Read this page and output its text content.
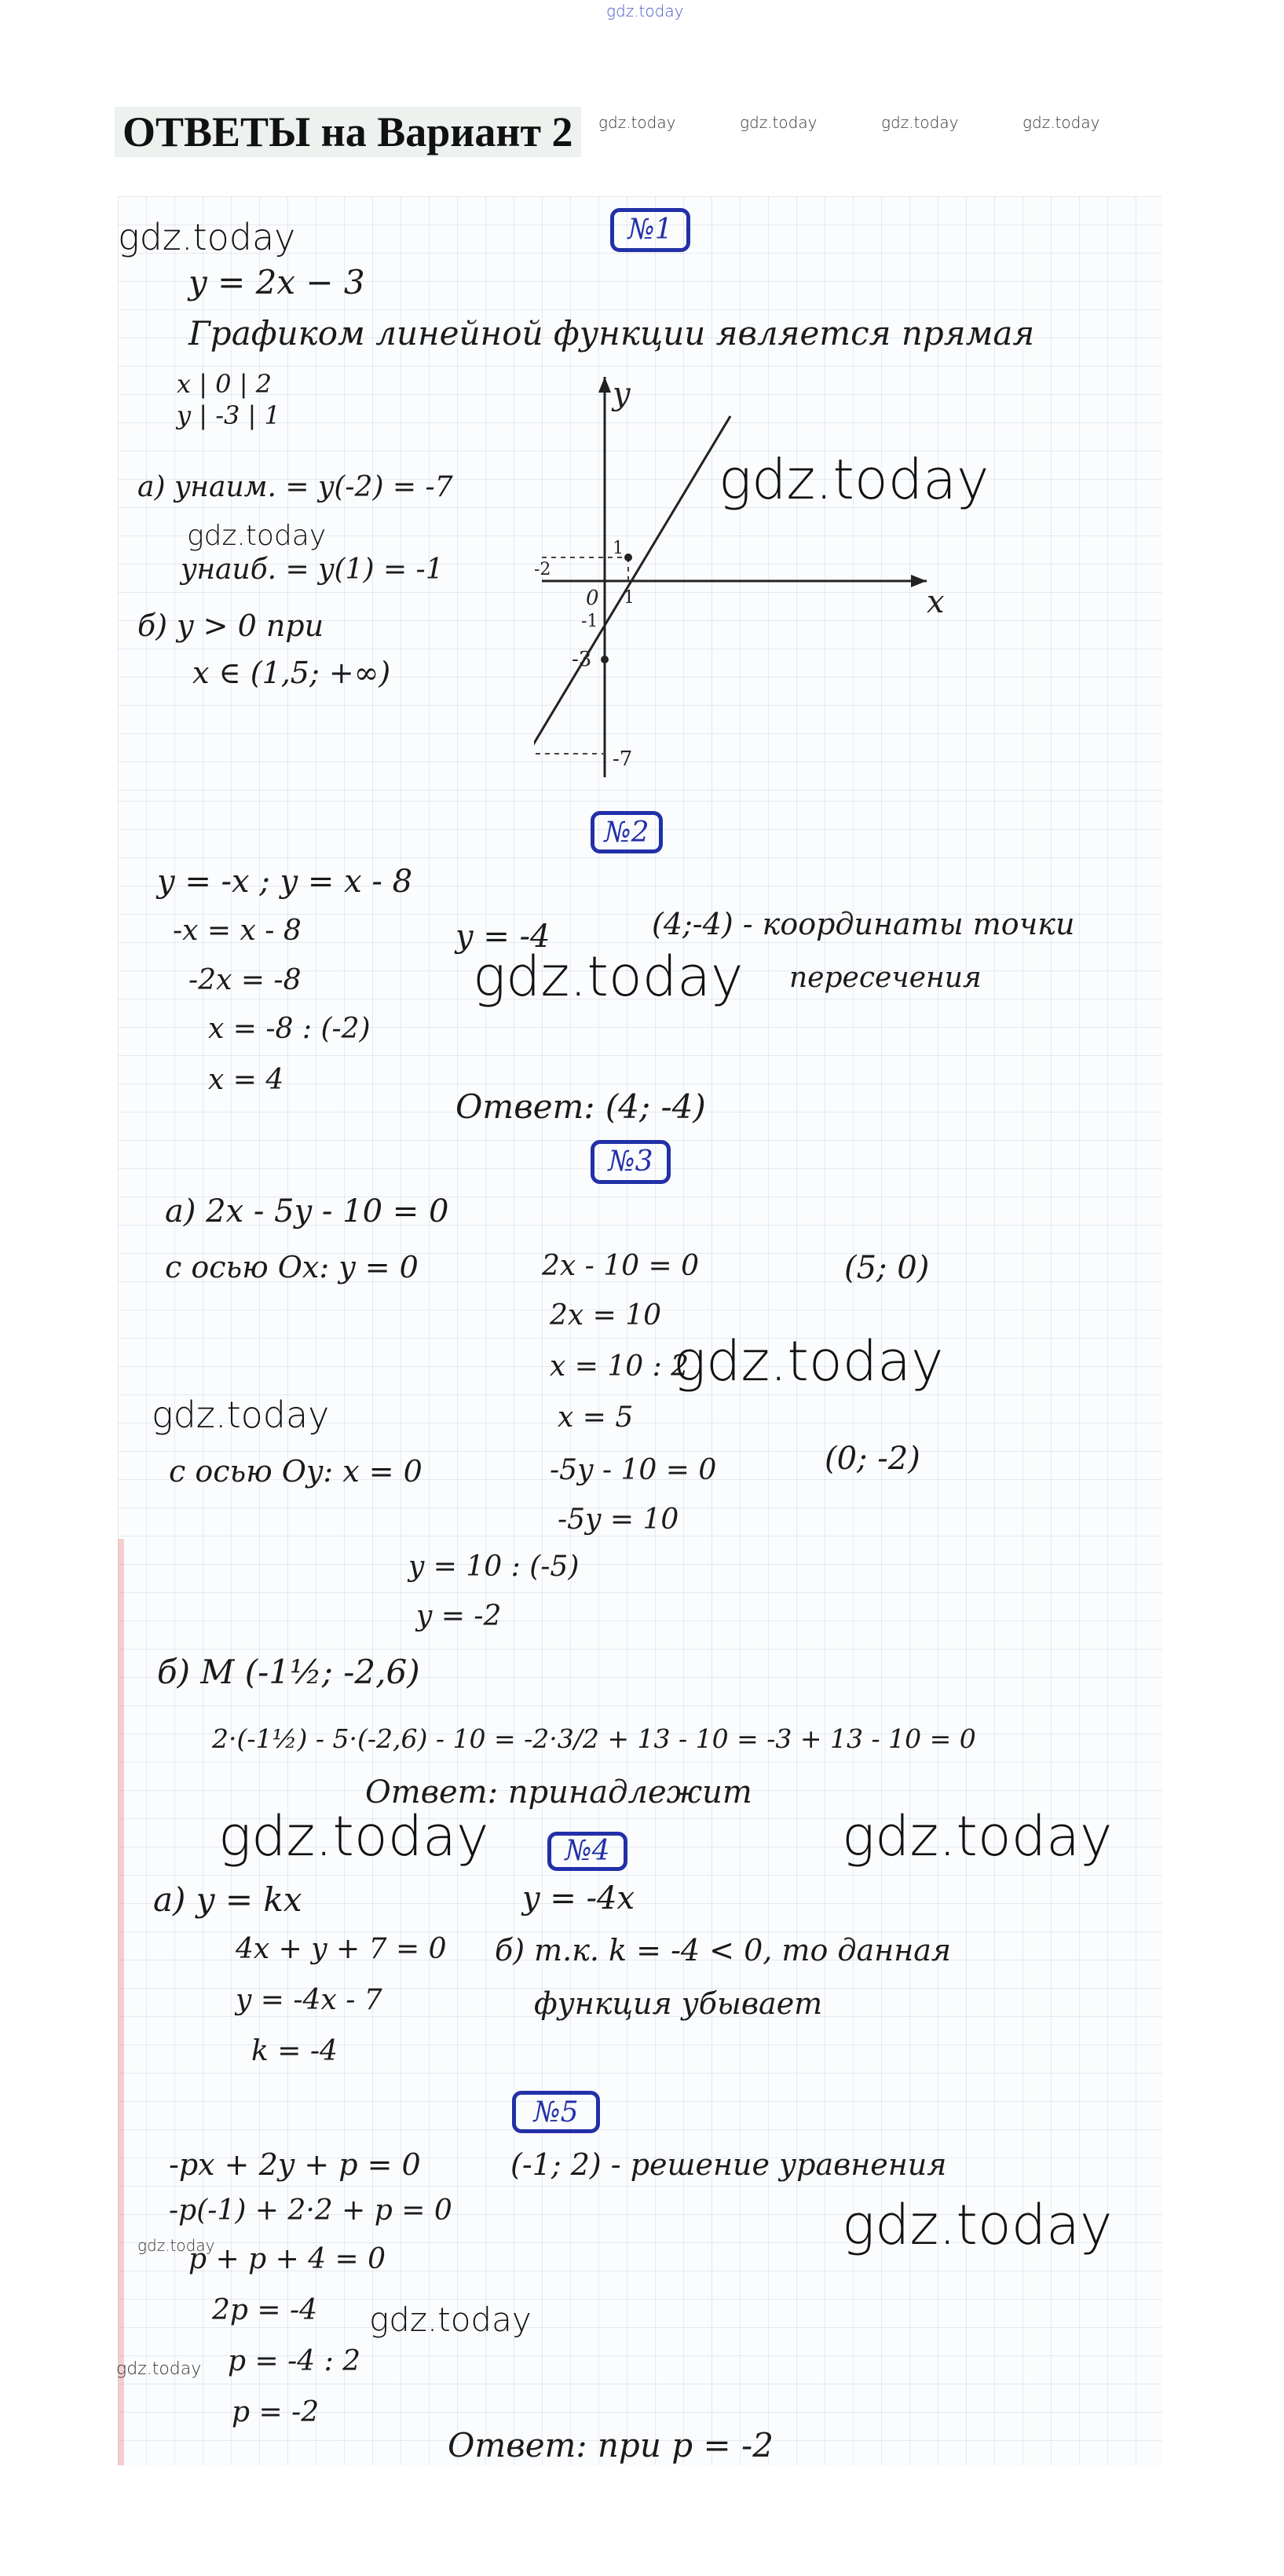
gdz.today
ОТВЕТЫ на Вариант 2	gdz.today	gdz.today	gdz.today	gdz.today
№1
y = 2x − 3
Графиком линейной функции является прямая
x | 0 | 2
y | -3 | 1
а) yнаим. = y(-2) = -7
yнаиб. = y(1) = -1
б) y > 0 при
x ∈ (1,5; +∞)
x
y
0
1
-1
1
-2
-3
-7
№2
y = -x ; y = x - 8
-x = x - 8
-2x = -8
x = -8 : (-2)
x = 4
y = -4	(4;-4) - координаты точки
пересечения
Ответ: (4; -4)
№3
а) 2x - 5y - 10 = 0
с осью Ox: y = 0	2x - 10 = 0
2x = 10
x = 10 : 2
x = 5
(5; 0)
с осью Oy: x = 0	-5y - 10 = 0
-5y = 10
y = 10 : (-5)
y = -2
(0; -2)
б) M (-1½; -2,6)
2·(-1½) - 5·(-2,6) - 10 = -2·3/2 + 13 - 10 = -3 + 13 - 10 = 0
Ответ: принадлежит
№4
а) y = kx
4x + y + 7 = 0
y = -4x - 7
k = -4
y = -4x
б) т.к. k = -4 < 0, то данная
функция убывает
№5
-px + 2y + p = 0
-p(-1) + 2·2 + p = 0
p + p + 4 = 0
2p = -4
p = -4 : 2
p = -2
(-1; 2) - решение уравнения
Ответ: при p = -2
gdz.today
gdz.today
gdz.today
gdz.today
gdz.today
gdz.today
gdz.today	gdz.today
gdz.today
gdz.today
gdz.today
gdz.today
